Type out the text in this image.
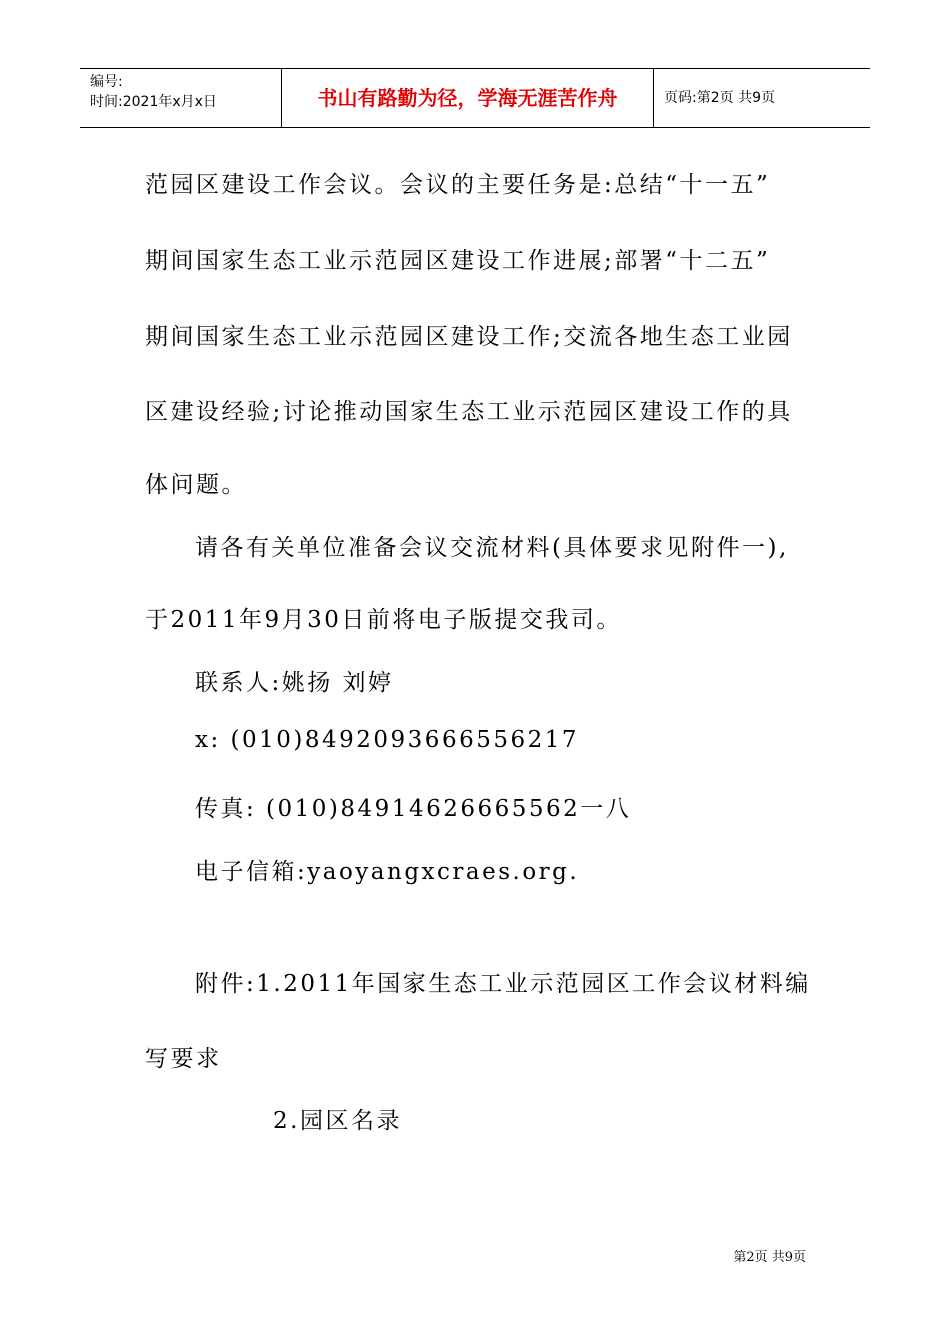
编号:
时间:2021年x月x日	书山有路勤为径，学海无涯苦作舟	页码:第2页 共9页
范园区建设工作会议。会议的主要任务是:总结“十一五”
期间国家生态工业示范园区建设工作进展;部署“十二五”
期间国家生态工业示范园区建设工作;交流各地生态工业园
区建设经验;讨论推动国家生态工业示范园区建设工作的具
体问题。
请各有关单位准备会议交流材料(具体要求见附件一),
于2011年9月30日前将电子版提交我司。
联系人:姚扬 刘婷
x: (010)8492093666556217
传真: (010)84914626665562一八
电子信箱:yaoyangxcraes.org.
附件:1.2011年国家生态工业示范园区工作会议材料编
写要求
2.园区名录
第2页 共9页
